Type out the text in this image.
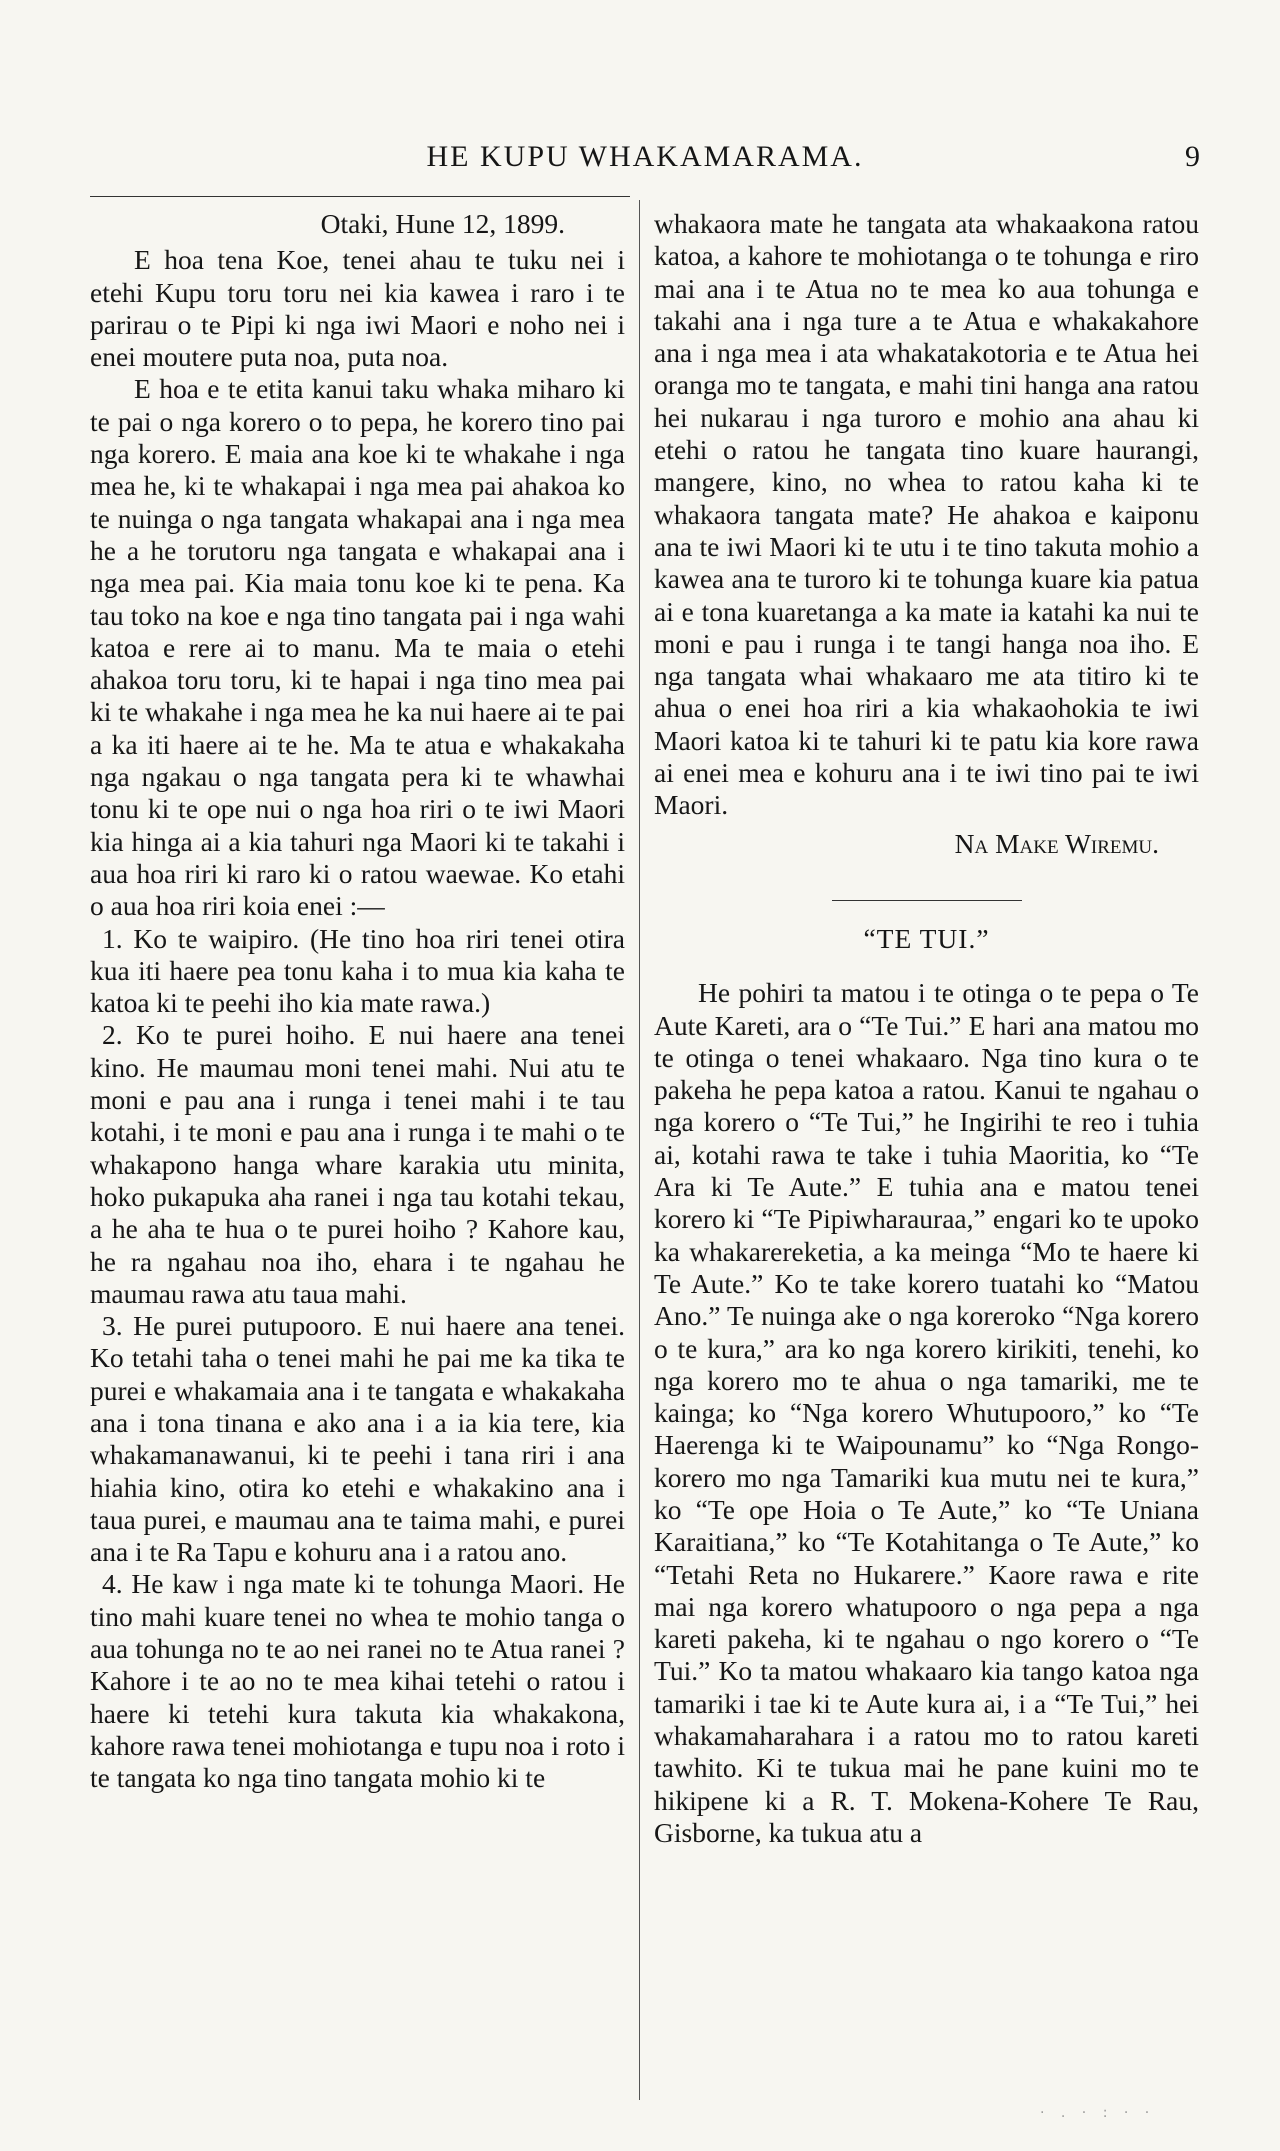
HE KUPU WHAKAMARAMA.	9

Otaki, Hune 12, 1899.

E hoa tena Koe, tenei ahau te tuku nei i etehi Kupu toru toru nei kia kawea i raro i te parirau o te Pipi ki nga iwi Maori e noho nei i enei moutere puta noa, puta noa.

E hoa e te etita kanui taku whaka miharo ki te pai o nga korero o to pepa, he korero tino pai nga korero. E maia ana koe ki te whakahe i nga mea he, ki te whakapai i nga mea pai ahakoa ko te nuinga o nga tangata whakapai ana i nga mea he a he torutoru nga tangata e whakapai ana i nga mea pai. Kia maia tonu koe ki te pena. Ka tau toko na koe e nga tino tangata pai i nga wahi katoa e rere ai to manu. Ma te maia o etehi ahakoa toru toru, ki te hapai i nga tino mea pai ki te whakahe i nga mea he ka nui haere ai te pai a ka iti haere ai te he. Ma te atua e whakakaha nga ngakau o nga tangata pera ki te whawhai tonu ki te ope nui o nga hoa riri o te iwi Maori kia hinga ai a kia tahuri nga Maori ki te takahi i aua hoa riri ki raro ki o ratou waewae. Ko etahi o aua hoa riri koia enei :—

1. Ko te waipiro. (He tino hoa riri tenei otira kua iti haere pea tonu kaha i to mua kia kaha te katoa ki te peehi iho kia mate rawa.)

2. Ko te purei hoiho. E nui haere ana tenei kino. He maumau moni tenei mahi. Nui atu te moni e pau ana i runga i tenei mahi i te tau kotahi, i te moni e pau ana i runga i te mahi o te whakapono hanga whare karakia utu minita, hoko pukapuka aha ranei i nga tau kotahi tekau, a he aha te hua o te purei hoiho ? Kahore kau, he ra ngahau noa iho, ehara i te ngahau he maumau rawa atu taua mahi.

3. He purei putupooro. E nui haere ana tenei. Ko tetahi taha o tenei mahi he pai me ka tika te purei e whakamaia ana i te tangata e whakakaha ana i tona tinana e ako ana i a ia kia tere, kia whakamanawanui, ki te peehi i tana riri i ana hiahia kino, otira ko etehi e whakakino ana i taua purei, e maumau ana te taima mahi, e purei ana i te Ra Tapu e kohuru ana i a ratou ano.

4. He kaw i nga mate ki te tohunga Maori. He tino mahi kuare tenei no whea te mohio tanga o aua tohunga no te ao nei ranei no te Atua ranei ? Kahore i te ao no te mea kihai tetehi o ratou i haere ki tetehi kura takuta kia whakakona, kahore rawa tenei mohiotanga e tupu noa i roto i te tangata ko nga tino tangata mohio ki te

whakaora mate he tangata ata whakaakona ratou katoa, a kahore te mohiotanga o te tohunga e riro mai ana i te Atua no te mea ko aua tohunga e takahi ana i nga ture a te Atua e whakakahore ana i nga mea i ata whakatakotoria e te Atua hei oranga mo te tangata, e mahi tini hanga ana ratou hei nukarau i nga turoro e mohio ana ahau ki etehi o ratou he tangata tino kuare haurangi, mangere, kino, no whea to ratou kaha ki te whakaora tangata mate? He ahakoa e kaiponu ana te iwi Maori ki te utu i te tino takuta mohio a kawea ana te turoro ki te tohunga kuare kia patua ai e tona kuaretanga a ka mate ia katahi ka nui te moni e pau i runga i te tangi hanga noa iho. E nga tangata whai whakaaro me ata titiro ki te ahua o enei hoa riri a kia whakaohokia te iwi Maori katoa ki te tahuri ki te patu kia kore rawa ai enei mea e kohuru ana i te iwi tino pai te iwi Maori.

Na Make Wiremu.

“TE TUI.”

He pohiri ta matou i te otinga o te pepa o Te Aute Kareti, ara o “Te Tui.” E hari ana matou mo te otinga o tenei whakaaro. Nga tino kura o te pakeha he pepa katoa a ratou. Kanui te ngahau o nga korero o “Te Tui,” he Ingirihi te reo i tuhia ai, kotahi rawa te take i tuhia Maoritia, ko “Te Ara ki Te Aute.” E tuhia ana e matou tenei korero ki “Te Pipiwharauraa,” engari ko te upoko ka whakarereketia, a ka meinga “Mo te haere ki Te Aute.” Ko te take korero tuatahi ko “Matou Ano.” Te nuinga ake o nga koreroko “Nga korero o te kura,” ara ko nga korero kirikiti, tenehi, ko nga korero mo te ahua o nga tamariki, me te kainga; ko “Nga korero Whutupooro,” ko “Te Haerenga ki te Waipounamu” ko “Nga Rongo-korero mo nga Tamariki kua mutu nei te kura,” ko “Te ope Hoia o Te Aute,” ko “Te Uniana Karaitiana,” ko “Te Kotahitanga o Te Aute,” ko “Tetahi Reta no Hukarere.” Kaore rawa e rite mai nga korero whatupooro o nga pepa a nga kareti pakeha, ki te ngahau o ngo korero o “Te Tui.” Ko ta matou whakaaro kia tango katoa nga tamariki i tae ki te Aute kura ai, i a “Te Tui,” hei whakamaharahara i a ratou mo to ratou kareti tawhito. Ki te tukua mai he pane kuini mo te hikipene ki a R. T. Mokena-Kohere Te Rau, Gisborne, ka tukua atu a

· . · : · ·
